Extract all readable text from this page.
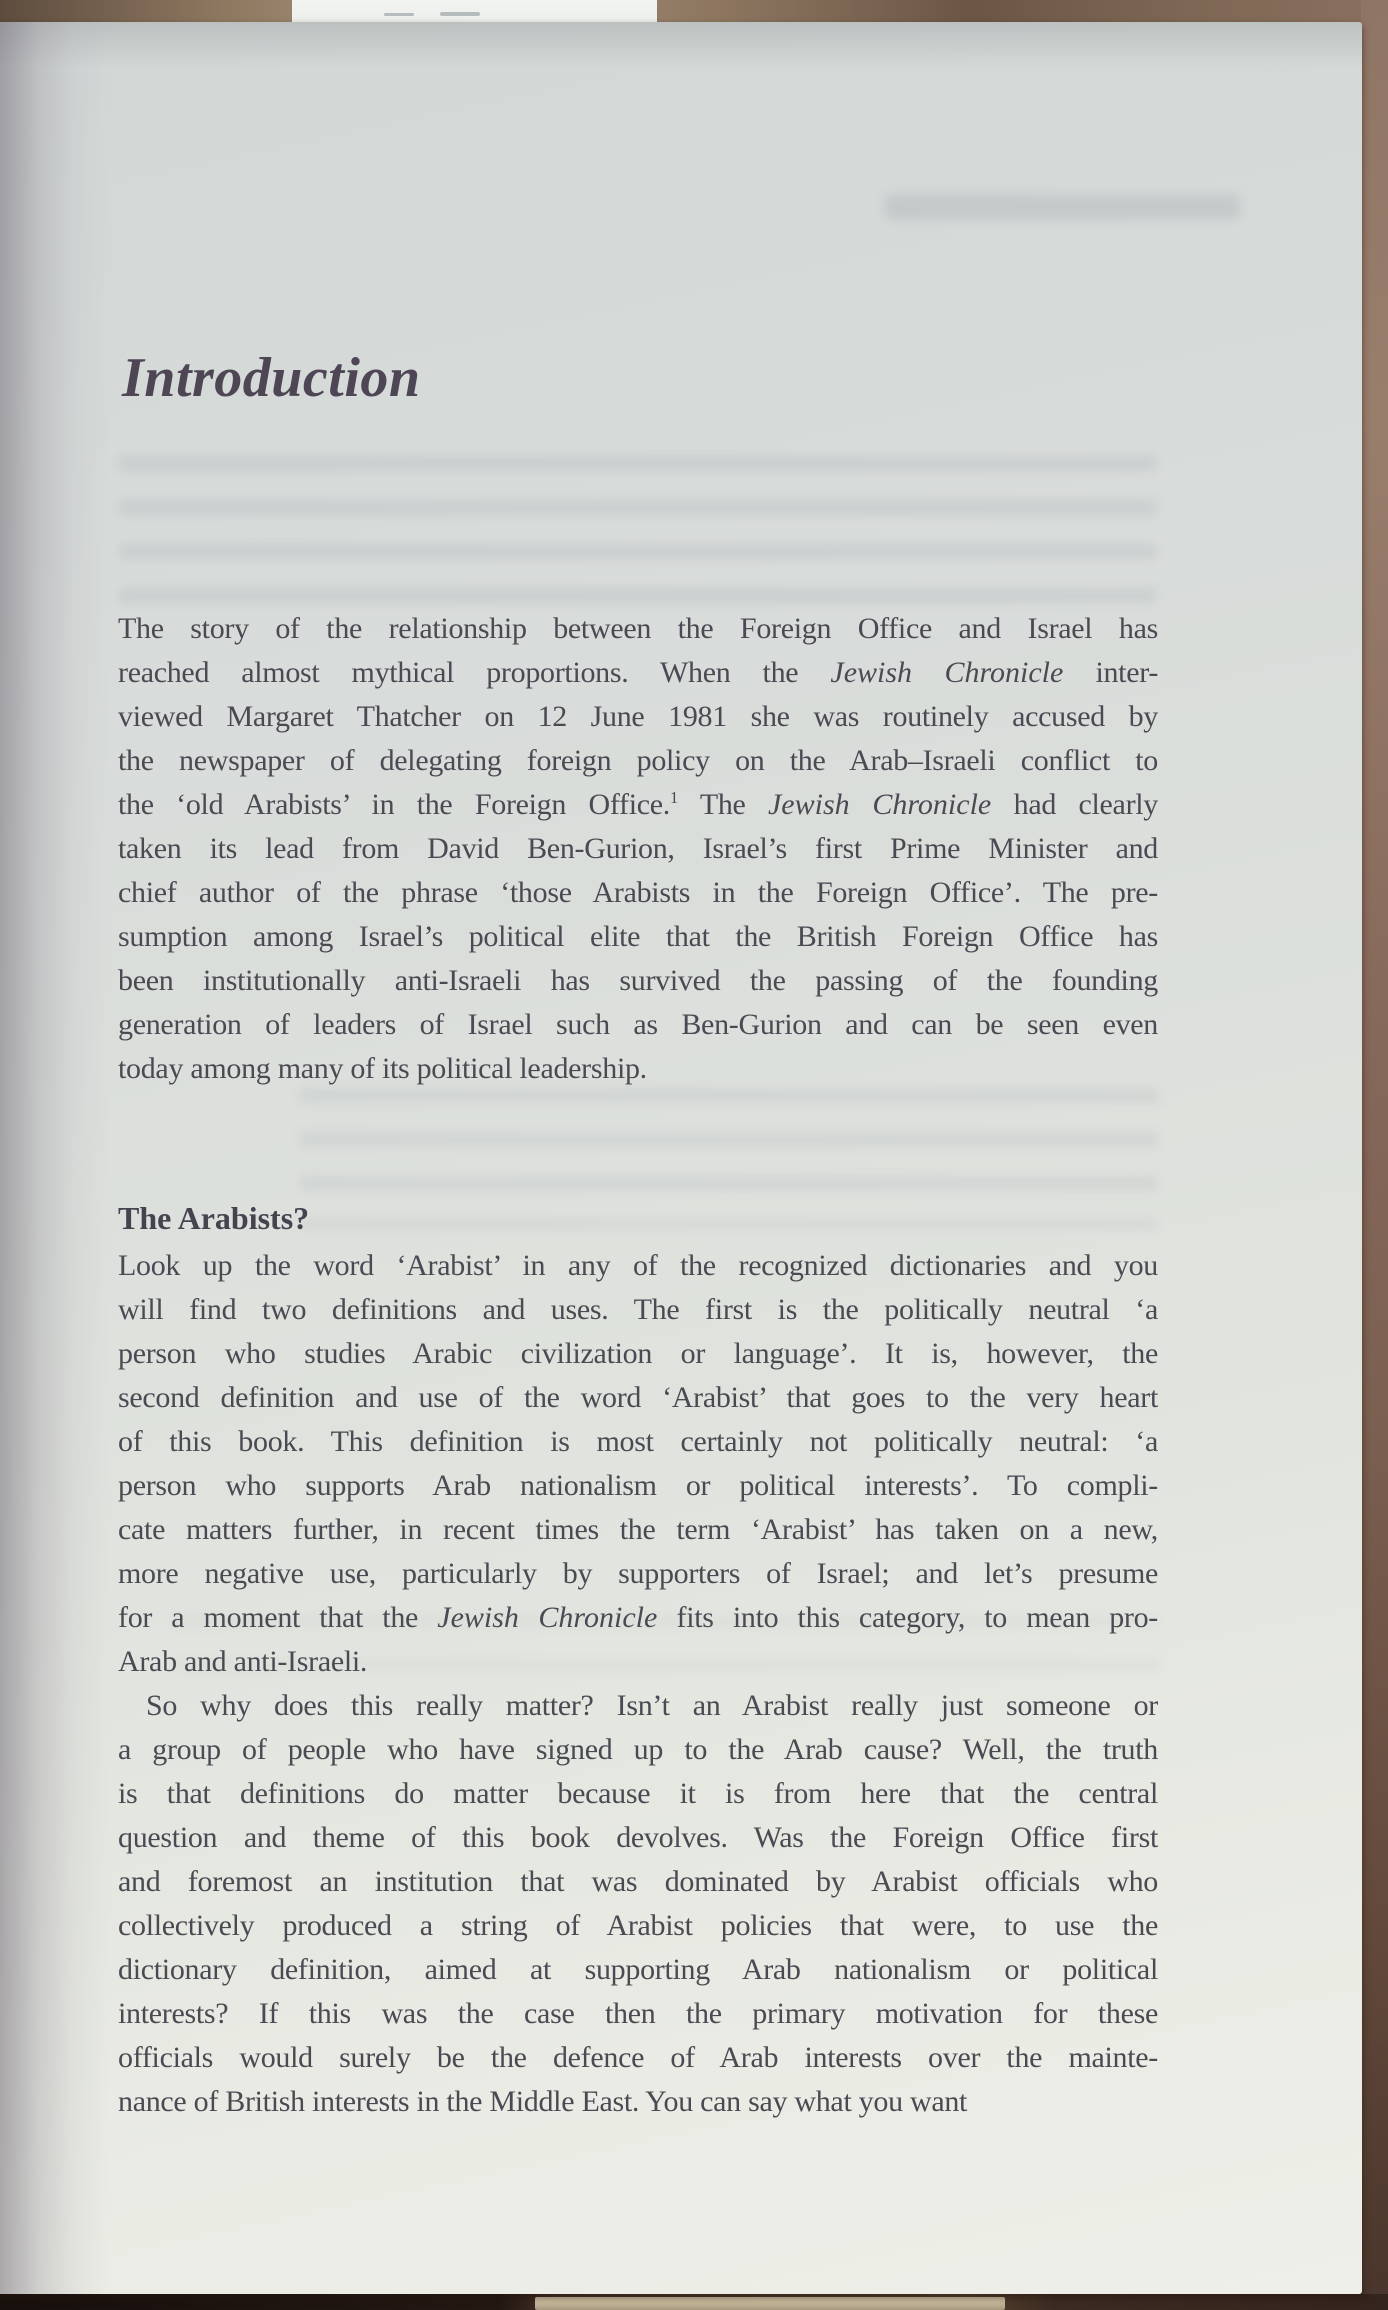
Introduction
The story of the relationship between the Foreign Office and Israel has
reached almost mythical proportions. When the Jewish Chronicle inter-
viewed Margaret Thatcher on 12 June 1981 she was routinely accused by
the newspaper of delegating foreign policy on the Arab–Israeli conflict to
the ‘old Arabists’ in the Foreign Office.$^1$ The Jewish Chronicle had clearly
taken its lead from David Ben-Gurion, Israel’s first Prime Minister and
chief author of the phrase ‘those Arabists in the Foreign Office’. The pre-
sumption among Israel’s political elite that the British Foreign Office has
been institutionally anti-Israeli has survived the passing of the founding
generation of leaders of Israel such as Ben-Gurion and can be seen even
today among many of its political leadership.
The Arabists?
Look up the word ‘Arabist’ in any of the recognized dictionaries and you
will find two definitions and uses. The first is the politically neutral ‘a
person who studies Arabic civilization or language’. It is, however, the
second definition and use of the word ‘Arabist’ that goes to the very heart
of this book. This definition is most certainly not politically neutral: ‘a
person who supports Arab nationalism or political interests’. To compli-
cate matters further, in recent times the term ‘Arabist’ has taken on a new,
more negative use, particularly by supporters of Israel; and let’s presume
for a moment that the Jewish Chronicle fits into this category, to mean pro-
Arab and anti-Israeli.
So why does this really matter? Isn’t an Arabist really just someone or
a group of people who have signed up to the Arab cause? Well, the truth
is that definitions do matter because it is from here that the central
question and theme of this book devolves. Was the Foreign Office first
and foremost an institution that was dominated by Arabist officials who
collectively produced a string of Arabist policies that were, to use the
dictionary definition, aimed at supporting Arab nationalism or political
interests? If this was the case then the primary motivation for these
officials would surely be the defence of Arab interests over the mainte-
nance of British interests in the Middle East. You can say what you want
